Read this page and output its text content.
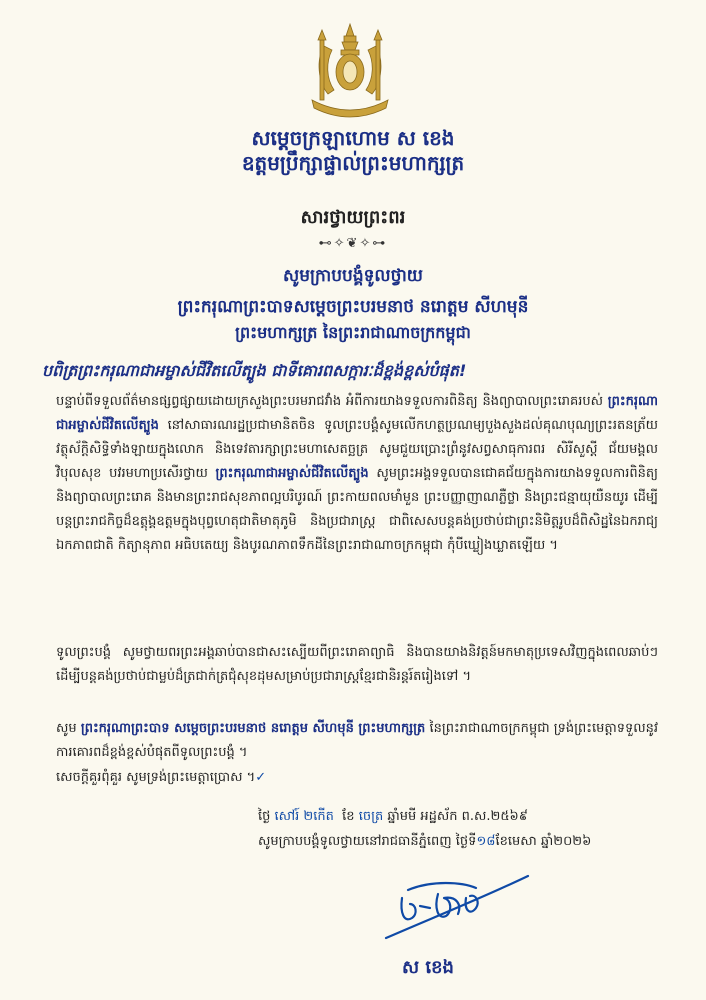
សម្តេចក្រឡាហោម ស ខេង
ឧត្តមប្រឹក្សាផ្ទាល់ព្រះមហាក្សត្រ
សារថ្វាយព្រះពរ
⊷✧❦✧⊶
សូមក្រាបបង្គំទូលថ្វាយ
ព្រះករុណាព្រះបាទសម្តេចព្រះបរមនាថ នរោត្តម សីហមុនី
ព្រះមហាក្សត្រ នៃព្រះរាជាណាចក្រកម្ពុជា
បពិត្រព្រះករុណាជាអម្ចាស់ជីវិតលើត្បូង ជាទីគោរពសក្ការៈដ៏ខ្ពង់ខ្ពស់បំផុត!
បន្ទាប់ពីទទួលព័ត៌មានផ្សព្វផ្សាយដោយក្រសួងព្រះបរមរាជវាំង អំពីការយាងទទួលការពិនិត្យ និងព្យាបាលព្រះរោគរបស់ ព្រះករុណាជាអម្ចាស់ជីវិតលើត្បូង នៅសាធារណរដ្ឋប្រជាមានិតចិន ទូលព្រះបង្គំសូមលើកហត្ថប្រណម្យបួងសួងដល់គុណបុណ្យព្រះរតនត្រ័យ វត្ថុស័ក្តិសិទ្ធិទាំងឡាយក្នុងលោក និងទេវតារក្សាព្រះមហាសេតច្ឆត្រ សូមជួយប្រោះព្រំនូវសព្វសាធុការពរ សិរីសួស្តី ជ័យមង្គល វិបុលសុខ បវរមហាប្រសើរថ្វាយ ព្រះករុណាជាអម្ចាស់ជីវិតលើត្បូង សូមព្រះអង្គទទួលបានជោគជ័យក្នុងការយាងទទួលការពិនិត្យ និងព្យាបាលព្រះរោគ និងមានព្រះរាជសុខភាពល្អបរិបូរណ៍ ព្រះកាយពលមាំមួន ព្រះបញ្ញាញាណភ្លឺថ្លា និងព្រះជន្មាយុយឺនយូរ ដើម្បីបន្តព្រះរាជកិច្ចដ៏ឧត្តុង្គឧត្តមក្នុងបុព្វហេតុជាតិមាតុភូមិ និងប្រជារាស្ត្រ ជាពិសេសបន្តគង់ប្រថាប់ជាព្រះនិមិត្តរូបដ៏ពិសិដ្ឋនៃឯករាជ្យ ឯកភាពជាតិ កិត្យានុភាព អធិបតេយ្យ និងបូរណភាពទឹកដីនៃព្រះរាជាណាចក្រកម្ពុជា កុំបីឃ្លៀងឃ្លាតឡើយ ។
ទូលព្រះបង្គំ សូមថ្វាយពរព្រះអង្គឆាប់បានជាសះស្បើយពីព្រះរោគាព្យាធិ និងបានយាងនិវត្តន៍មកមាតុប្រទេសវិញក្នុងពេលឆាប់ៗ ដើម្បីបន្តគង់ប្រថាប់ជាម្លប់ដ៏ត្រជាក់ត្រជុំសុខដុមសម្រាប់ប្រជារាស្ត្រខ្មែរជានិរន្តរ៍តរៀងទៅ ។
សូម ព្រះករុណាព្រះបាទ សម្តេចព្រះបរមនាថ នរោត្តម សីហមុនី ព្រះមហាក្សត្រ នៃព្រះរាជាណាចក្រកម្ពុជា ទ្រង់ព្រះមេត្តាទទួលនូវការគោរពដ៏ខ្ពង់ខ្ពស់បំផុតពីទូលព្រះបង្គំ ។
សេចក្តីគួរពុំគួរ សូមទ្រង់ព្រះមេត្តាប្រោស ។✓
ថ្ងៃ សៅរ៍ ២កើត ខែ ចេត្រ ឆ្នាំមមី អដ្ឋស័ក ព.ស.២៥៦៩
សូមក្រាបបង្គំទូលថ្វាយនៅរាជធានីភ្នំពេញ ថ្ងៃទី១៨ខែមេសា ឆ្នាំ២០២៦
ស ខេង
